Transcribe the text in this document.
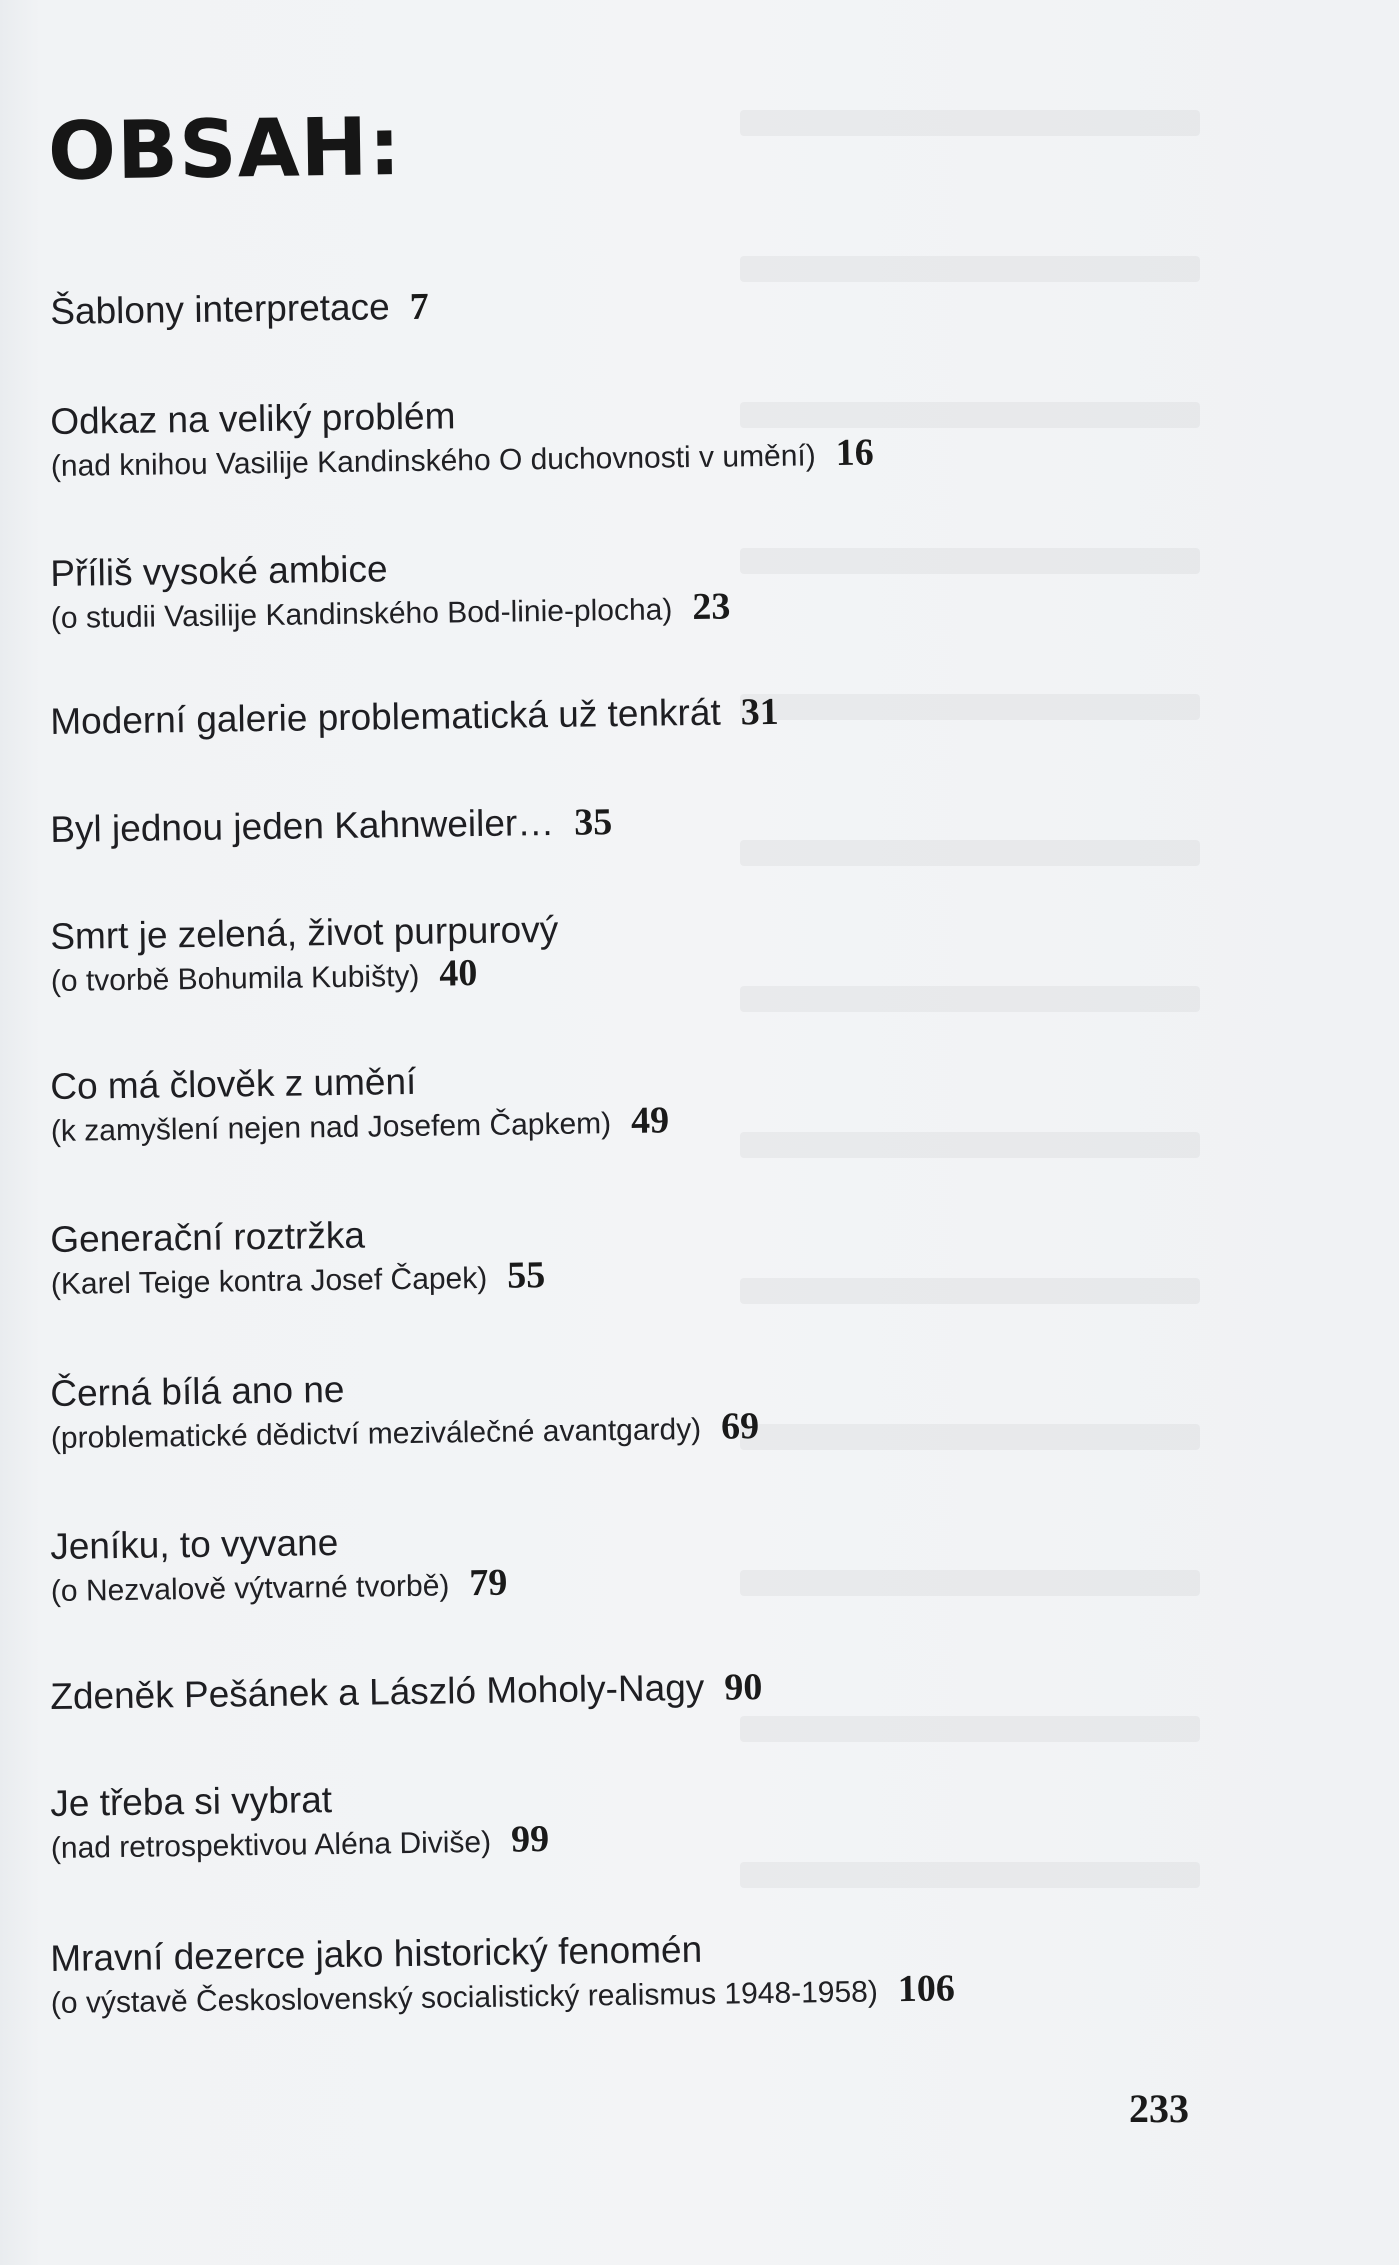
OBSAH:
Šablony interpretace 7
Odkaz na veliký problém
(nad knihou Vasilije Kandinského O duchovnosti v umění) 16
Příliš vysoké ambice
(o studii Vasilije Kandinského Bod-linie-plocha) 23
Moderní galerie problematická už tenkrát 31
Byl jednou jeden Kahnweiler… 35
Smrt je zelená, život purpurový
(o tvorbě Bohumila Kubišty) 40
Co má člověk z umění
(k zamyšlení nejen nad Josefem Čapkem) 49
Generační roztržka
(Karel Teige kontra Josef Čapek) 55
Černá bílá ano ne
(problematické dědictví meziválečné avantgardy) 69
Jeníku, to vyvane
(o Nezvalově výtvarné tvorbě) 79
Zdeněk Pešánek a László Moholy-Nagy 90
Je třeba si vybrat
(nad retrospektivou Aléna Diviše) 99
Mravní dezerce jako historický fenomén
(o výstavě Československý socialistický realismus 1948-1958) 106
233
